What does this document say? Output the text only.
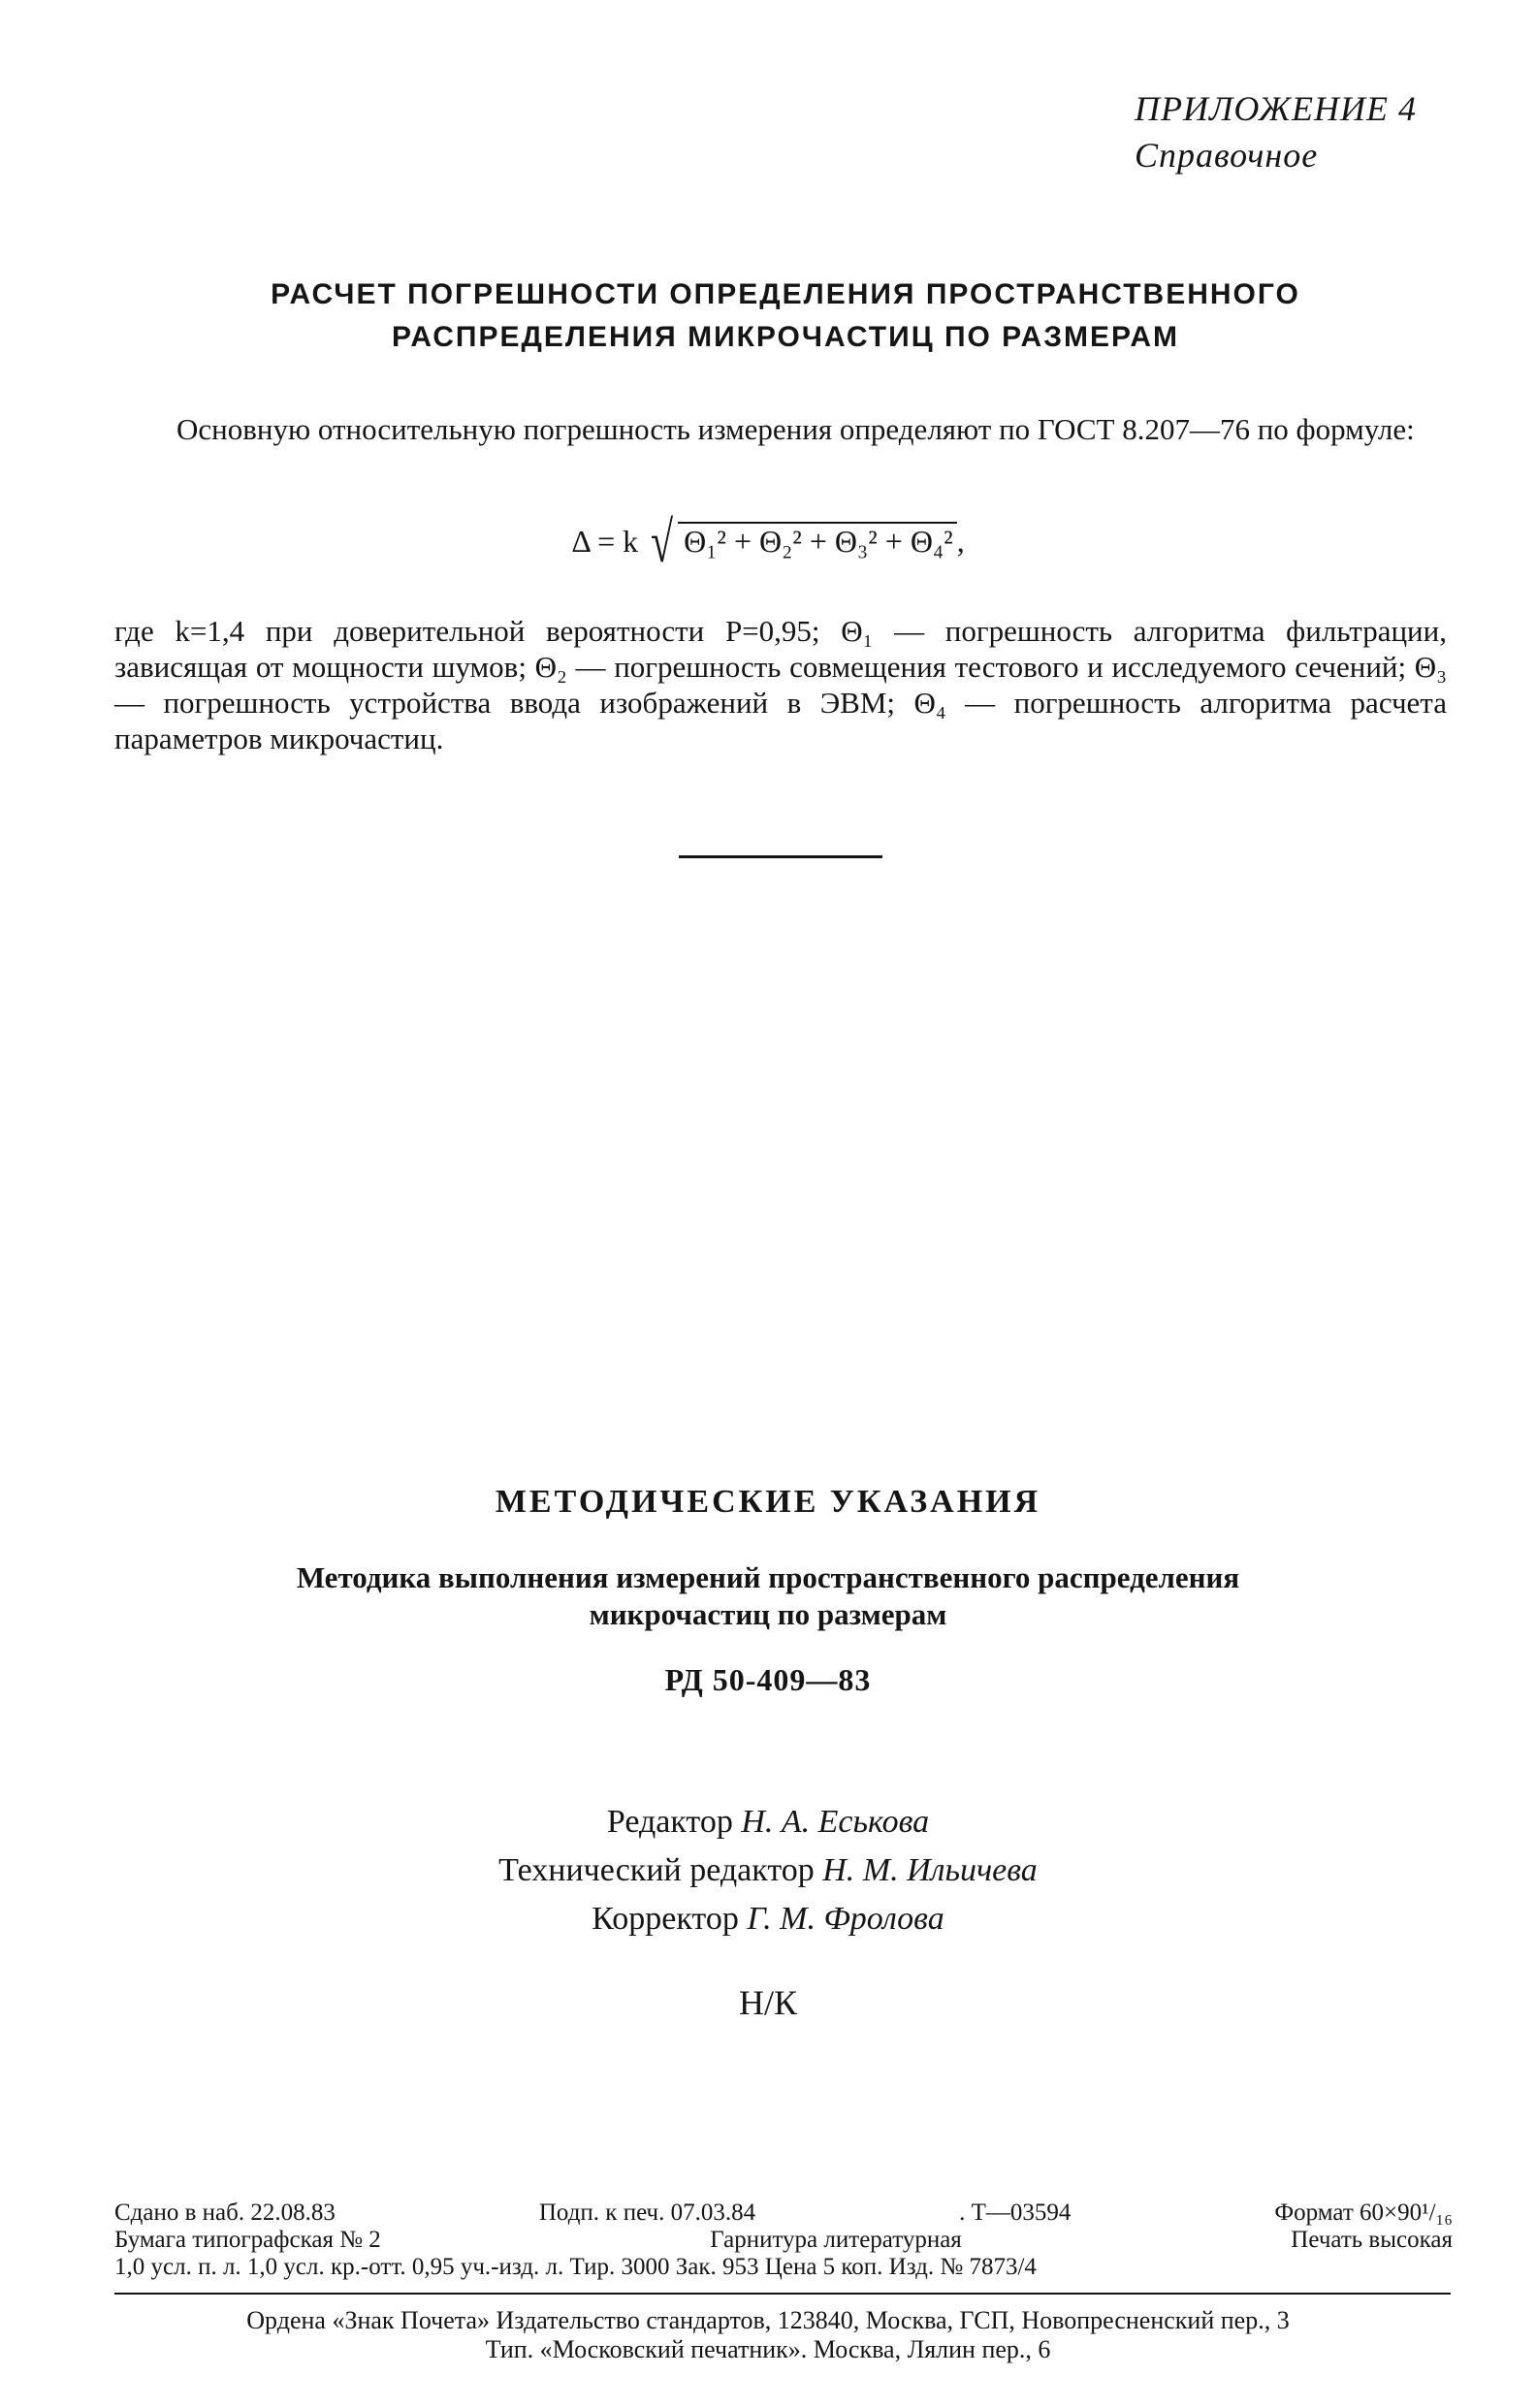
ПРИЛОЖЕНИЕ 4
Справочное
РАСЧЕТ ПОГРЕШНОСТИ ОПРЕДЕЛЕНИЯ ПРОСТРАНСТВЕННОГО
РАСПРЕДЕЛЕНИЯ МИКРОЧАСТИЦ ПО РАЗМЕРАМ
Основную относительную погрешность измерения определяют по ГОСТ 8.207—76 по формуле:
Δ = k √ Θ₁² + Θ₂² + Θ₃² + Θ₄² ,
где k=1,4 при доверительной вероятности P=0,95; Θ₁ — погрешность алгоритма фильтрации, зависящая от мощности шумов; Θ₂ — погрешность совмещения тестового и исследуемого сечений; Θ₃ — погрешность устройства ввода изображений в ЭВМ; Θ₄ — погрешность алгоритма расчета параметров микрочастиц.
МЕТОДИЧЕСКИЕ УКАЗАНИЯ
Методика выполнения измерений пространственного распределения
микрочастиц по размерам
РД 50-409—83
Редактор Н. А. Еськова
Технический редактор Н. М. Ильичева
Корректор Г. М. Фролова
Н/К
Сдано в наб. 22.08.83	Подп. к печ. 07.03.84	. Т—03594	Формат 60×90¹/₁₆
Бумага типографская № 2	Гарнитура литературная	Печать высокая
1,0 усл. п. л. 1,0 усл. кр.-отт. 0,95 уч.-изд. л. Тир. 3000 Зак. 953 Цена 5 коп. Изд. № 7873/4
Ордена «Знак Почета» Издательство стандартов, 123840, Москва, ГСП, Новопресненский пер., 3
Тип. «Московский печатник». Москва, Лялин пер., 6
